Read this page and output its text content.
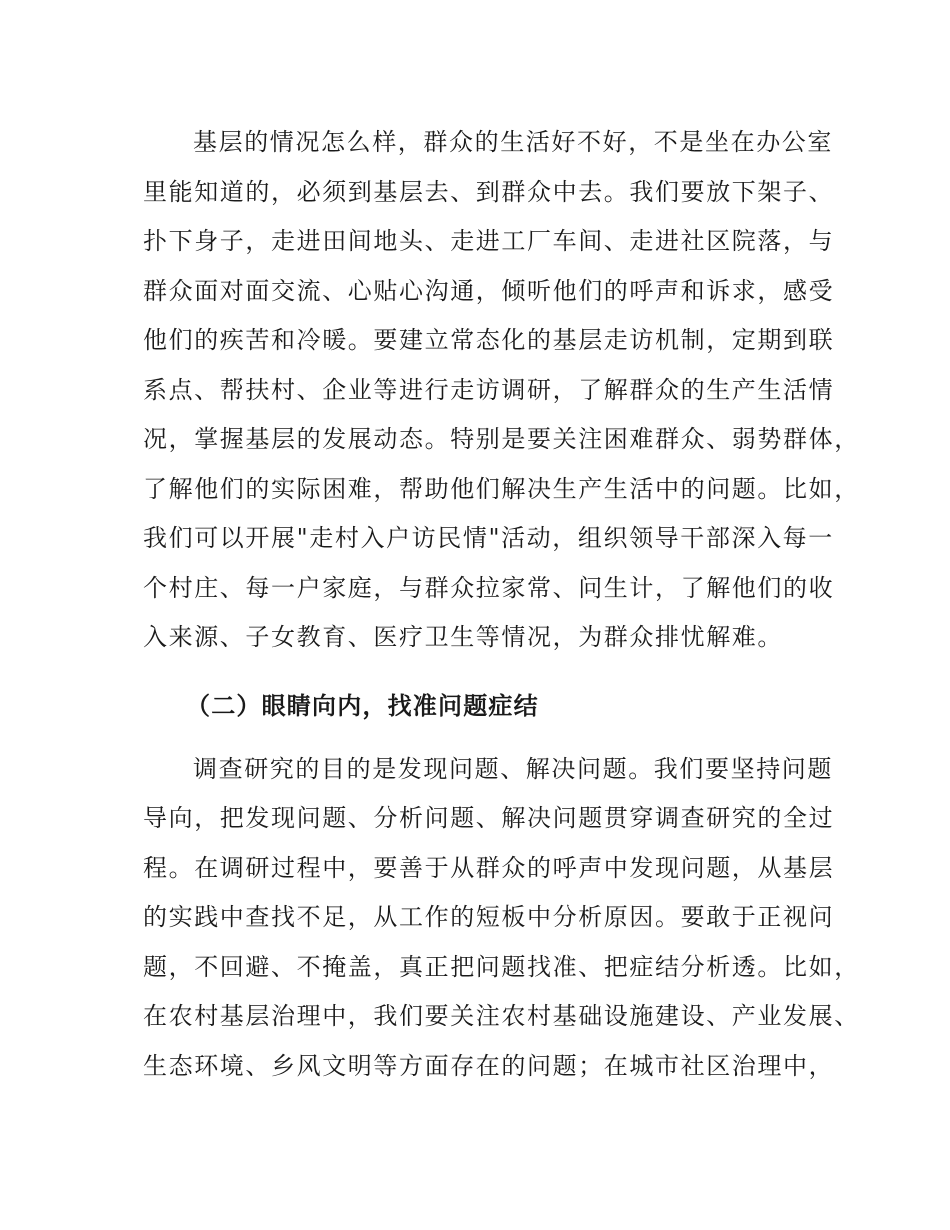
基层的情况怎么样，群众的生活好不好，不是坐在办公室
里能知道的，必须到基层去、到群众中去。我们要放下架子、
扑下身子，走进田间地头、走进工厂车间、走进社区院落，与
群众面对面交流、心贴心沟通，倾听他们的呼声和诉求，感受
他们的疾苦和冷暖。要建立常态化的基层走访机制，定期到联
系点、帮扶村、企业等进行走访调研，了解群众的生产生活情
况，掌握基层的发展动态。特别是要关注困难群众、弱势群体，
了解他们的实际困难，帮助他们解决生产生活中的问题。比如，
我们可以开展"走村入户访民情"活动，组织领导干部深入每一
个村庄、每一户家庭，与群众拉家常、问生计，了解他们的收
入来源、子女教育、医疗卫生等情况，为群众排忧解难。
（二）眼睛向内，找准问题症结
调查研究的目的是发现问题、解决问题。我们要坚持问题
导向，把发现问题、分析问题、解决问题贯穿调查研究的全过
程。在调研过程中，要善于从群众的呼声中发现问题，从基层
的实践中查找不足，从工作的短板中分析原因。要敢于正视问
题，不回避、不掩盖，真正把问题找准、把症结分析透。比如，
在农村基层治理中，我们要关注农村基础设施建设、产业发展、
生态环境、乡风文明等方面存在的问题；在城市社区治理中，
